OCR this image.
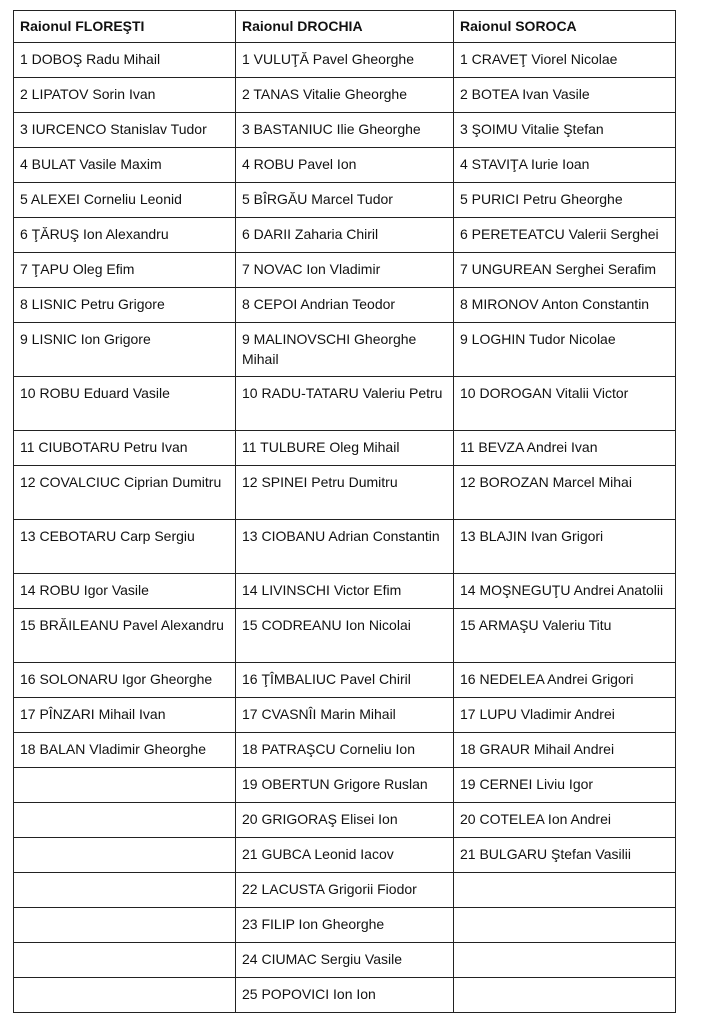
Raionul FLOREŞTI	Raionul DROCHIA	Raionul SOROCA
1 DOBOŞ Radu Mihail	1 VULUŢĂ Pavel Gheorghe	1 CRAVEŢ Viorel Nicolae
2 LIPATOV Sorin Ivan	2 TANAS Vitalie Gheorghe	2 BOTEA Ivan Vasile
3 IURCENCO Stanislav Tudor	3 BASTANIUC Ilie Gheorghe	3 ŞOIMU Vitalie Ştefan
4 BULAT Vasile Maxim	4 ROBU Pavel Ion	4 STAVIŢA Iurie Ioan
5 ALEXEI Corneliu Leonid	5 BÎRGĂU Marcel Tudor	5 PURICI Petru Gheorghe
6 ŢĂRUŞ Ion Alexandru	6 DARII Zaharia Chiril	6 PERETEATCU Valerii Serghei
7 ŢAPU Oleg Efim	7 NOVAC Ion Vladimir	7 UNGUREAN Serghei Serafim
8 LISNIC Petru Grigore	8 CEPOI Andrian Teodor	8 MIRONOV Anton Constantin
9 LISNIC Ion Grigore	9 MALINOVSCHI Gheorghe Mihail	9 LOGHIN Tudor Nicolae
10 ROBU Eduard Vasile	10 RADU-TATARU Valeriu Petru	10 DOROGAN Vitalii Victor
11 CIUBOTARU Petru Ivan	11 TULBURE Oleg Mihail	11 BEVZA Andrei Ivan
12 COVALCIUC Ciprian Dumitru	12 SPINEI Petru Dumitru	12 BOROZAN Marcel Mihai
13 CEBOTARU Carp Sergiu	13 CIOBANU Adrian Constantin	13 BLAJIN Ivan Grigori
14 ROBU Igor Vasile	14 LIVINSCHI Victor Efim	14 MOŞNEGUŢU Andrei Anatolii
15 BRĂILEANU Pavel Alexandru	15 CODREANU Ion Nicolai	15 ARMAŞU Valeriu Titu
16 SOLONARU Igor Gheorghe	16 ŢÎMBALIUC Pavel Chiril	16 NEDELEA Andrei Grigori
17 PÎNZARI Mihail Ivan	17 CVASNÎI Marin Mihail	17 LUPU Vladimir Andrei
18 BALAN Vladimir Gheorghe	18 PATRAŞCU Corneliu Ion	18 GRAUR Mihail Andrei
	19 OBERTUN Grigore Ruslan	19 CERNEI Liviu Igor
	20 GRIGORAŞ Elisei Ion	20 COTELEA Ion Andrei
	21 GUBCA Leonid Iacov	21 BULGARU Ştefan Vasilii
	22 LACUSTA Grigorii Fiodor	
	23 FILIP Ion Gheorghe	
	24 CIUMAC Sergiu Vasile	
	25 POPOVICI Ion Ion	
